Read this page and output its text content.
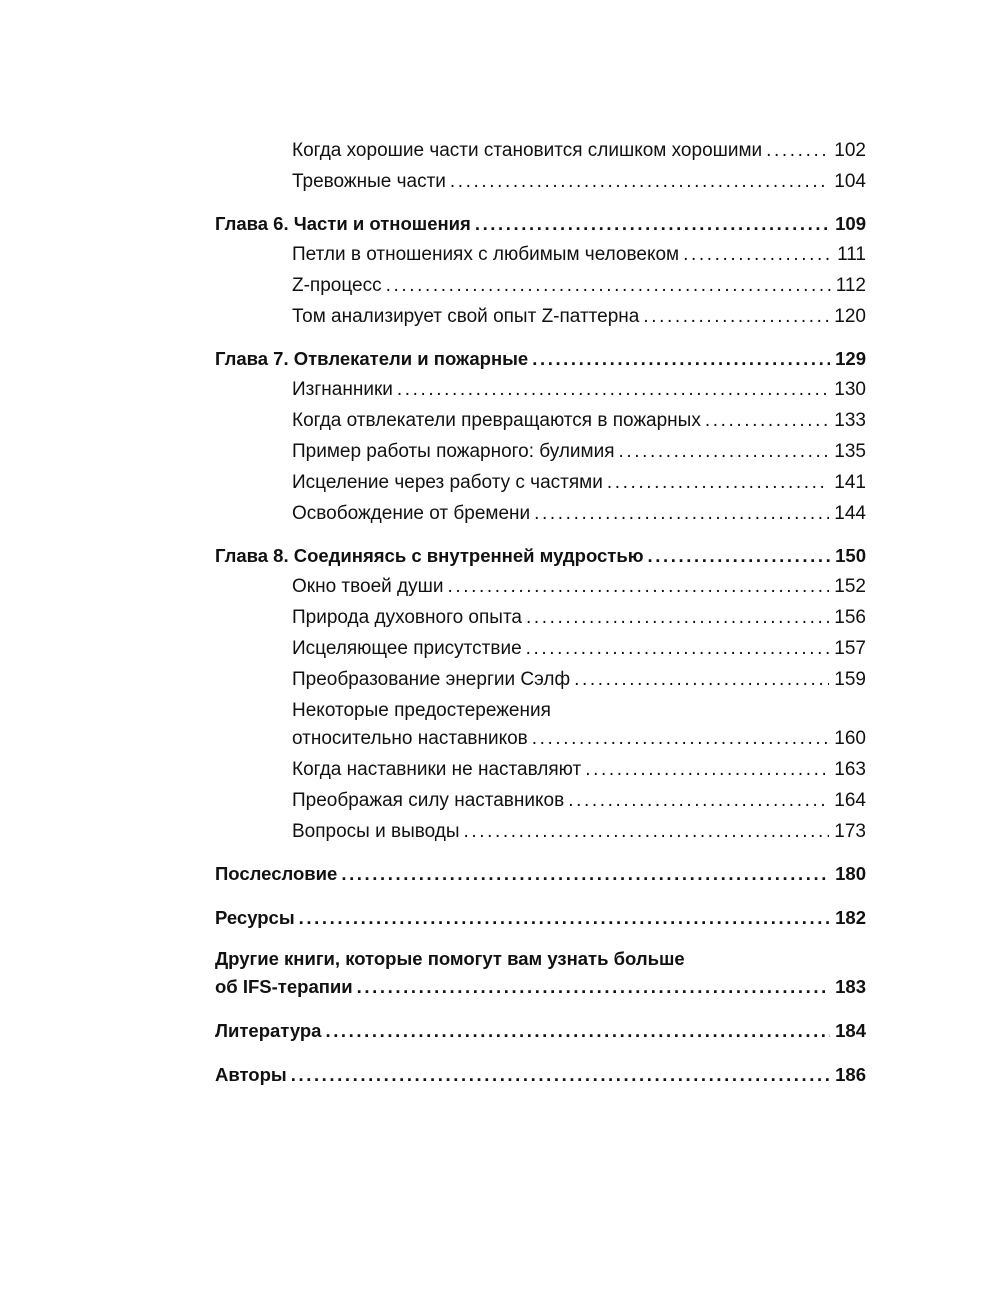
Когда хорошие части становится слишком хорошими .....	102
Тревожные части .....	104
Глава 6. Части и отношения .....	109
Петли в отношениях с любимым человеком .....	111
Z-процесс .....	112
Том анализирует свой опыт Z-паттерна .....	120
Глава 7. Отвлекатели и пожарные .....	129
Изгнанники .....	130
Когда отвлекатели превращаются в пожарных .....	133
Пример работы пожарного: булимия .....	135
Исцеление через работу с частями .....	141
Освобождение от бремени .....	144
Глава 8. Соединяясь с внутренней мудростью .....	150
Окно твоей души .....	152
Природа духовного опыта .....	156
Исцеляющее присутствие .....	157
Преобразование энергии Сэлф .....	159
Некоторые предостережения
относительно наставников .....	160
Когда наставники не наставляют .....	163
Преображая силу наставников .....	164
Вопросы и выводы .....	173
Послесловие .....	180
Ресурсы .....	182
Другие книги, которые помогут вам узнать больше
об IFS-терапии .....	183
Литература .....	184
Авторы .....	186
